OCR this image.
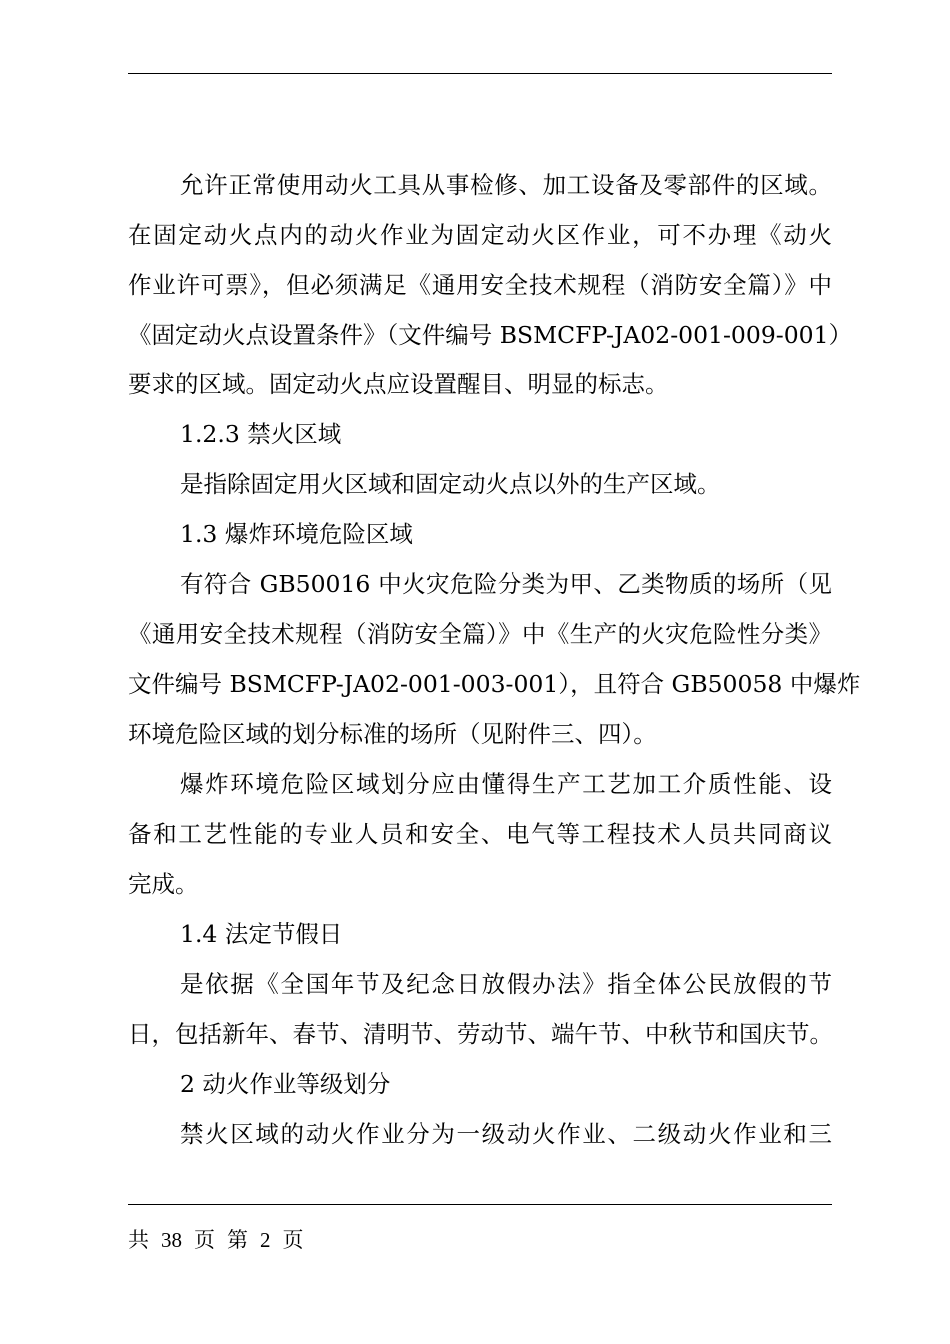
允许正常使用动火工具从事检修、加工设备及零部件的区域。
在固定动火点内的动火作业为固定动火区作业，可不办理《动火
作业许可票》，但必须满足《通用安全技术规程（消防安全篇）》中
《固定动火点设置条件》（文件编号 BSMCFP-JA02-001-009-001）
要求的区域。固定动火点应设置醒目、明显的标志。
1.2.3 禁火区域
是指除固定用火区域和固定动火点以外的生产区域。
1.3 爆炸环境危险区域
有符合 GB50016 中火灾危险分类为甲、乙类物质的场所（见
《通用安全技术规程（消防安全篇）》中《生产的火灾危险性分类》
文件编号 BSMCFP-JA02-001-003-001），且符合 GB50058 中爆炸
环境危险区域的划分标准的场所（见附件三、四）。
爆炸环境危险区域划分应由懂得生产工艺加工介质性能、设
备和工艺性能的专业人员和安全、电气等工程技术人员共同商议
完成。
1.4 法定节假日
是依据《全国年节及纪念日放假办法》指全体公民放假的节
日，包括新年、春节、清明节、劳动节、端午节、中秋节和国庆节。
2 动火作业等级划分
禁火区域的动火作业分为一级动火作业、二级动火作业和三
共 38 页 第 2 页
